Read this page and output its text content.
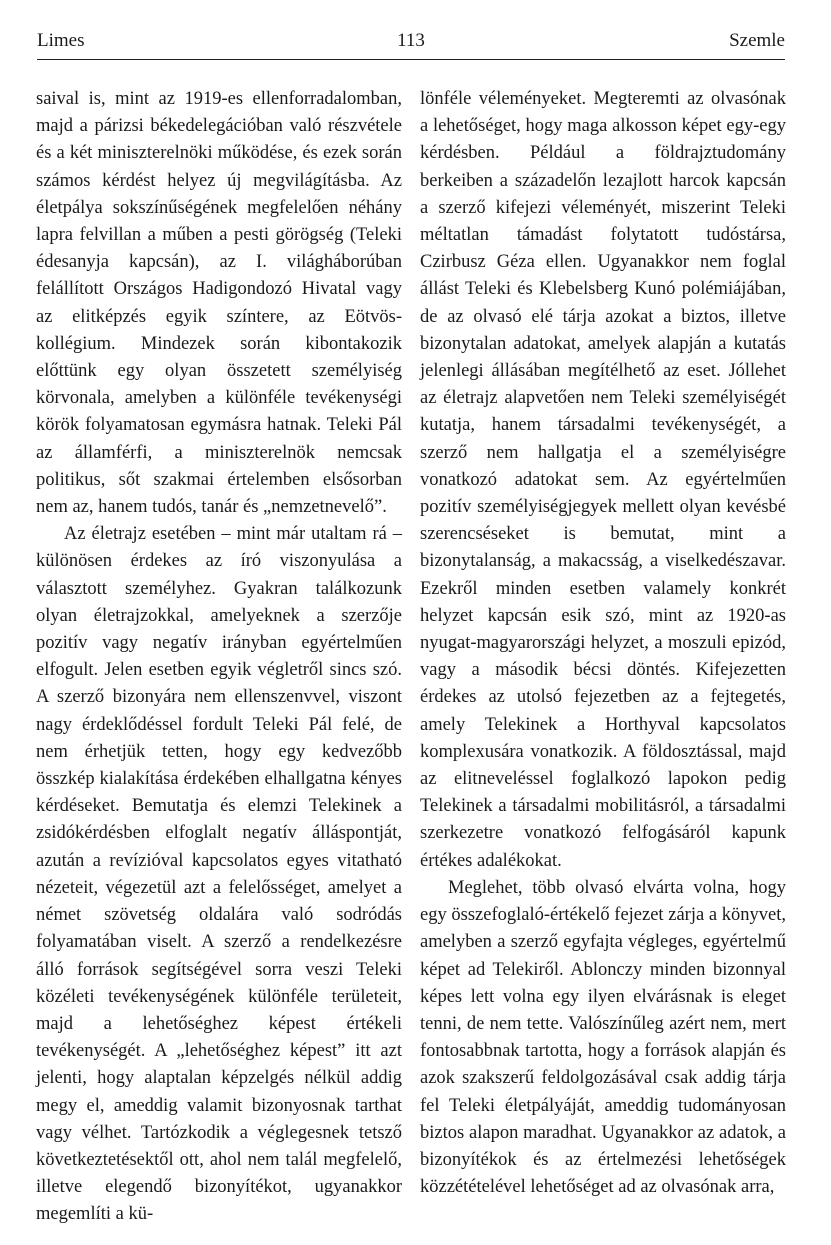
Limes	113	Szemle

saival is, mint az 1919-es ellenforradalomban, majd a párizsi békedelegációban való részvétele és a két miniszterelnöki működése, és ezek során számos kérdést helyez új megvilágításba. Az életpálya sokszínűségének megfelelően néhány lapra felvillan a műben a pesti görögség (Teleki édesanyja kapcsán), az I. világháborúban felállított Országos Hadigondozó Hivatal vagy az elitképzés egyik színtere, az Eötvös-kollégium. Mindezek során kibontakozik előttünk egy olyan összetett személyiség körvonala, amelyben a különféle tevékenységi körök folyamatosan egymásra hatnak. Teleki Pál az államférfi, a miniszterelnök nemcsak politikus, sőt szakmai értelemben elsősorban nem az, hanem tudós, tanár és „nemzetnevelő”.

Az életrajz esetében – mint már utaltam rá – különösen érdekes az író viszonyulása a választott személyhez. Gyakran találkozunk olyan életrajzokkal, amelyeknek a szerzője pozitív vagy negatív irányban egyértelműen elfogult. Jelen esetben egyik végletről sincs szó. A szerző bizonyára nem ellenszenvvel, viszont nagy érdeklődéssel fordult Teleki Pál felé, de nem érhetjük tetten, hogy egy kedvezőbb összkép kialakítása érdekében elhallgatna kényes kérdéseket. Bemutatja és elemzi Telekinek a zsidókérdésben elfoglalt negatív álláspontját, azután a revízióval kapcsolatos egyes vitatható nézeteit, végezetül azt a felelősséget, amelyet a német szövetség oldalára való sodródás folyamatában viselt. A szerző a rendelkezésre álló források segítségével sorra veszi Teleki közéleti tevékenységének különféle területeit, majd a lehetőséghez képest értékeli tevékenységét. A „lehetőséghez képest” itt azt jelenti, hogy alaptalan képzelgés nélkül addig megy el, ameddig valamit bizonyosnak tarthat vagy vélhet. Tartózkodik a véglegesnek tetsző következtetésektől ott, ahol nem talál megfelelő, illetve elegendő bizonyítékot, ugyanakkor megemlíti a kü-

lönféle véleményeket. Megteremti az olvasónak a lehetőséget, hogy maga alkosson képet egy-egy kérdésben. Például a földrajztudomány berkeiben a századelőn lezajlott harcok kapcsán a szerző kifejezi véleményét, miszerint Teleki méltatlan támadást folytatott tudóstársa, Czirbusz Géza ellen. Ugyanakkor nem foglal állást Teleki és Klebelsberg Kunó polémiájában, de az olvasó elé tárja azokat a biztos, illetve bizonytalan adatokat, amelyek alapján a kutatás jelenlegi állásában megítélhető az eset. Jóllehet az életrajz alapvetően nem Teleki személyiségét kutatja, hanem társadalmi tevékenységét, a szerző nem hallgatja el a személyiségre vonatkozó adatokat sem. Az egyértelműen pozitív személyiségjegyek mellett olyan kevésbé szerencséseket is bemutat, mint a bizonytalanság, a makacsság, a viselkedészavar. Ezekről minden esetben valamely konkrét helyzet kapcsán esik szó, mint az 1920-as nyugat-magyarországi helyzet, a moszuli epizód, vagy a második bécsi döntés. Kifejezetten érdekes az utolsó fejezetben az a fejtegetés, amely Telekinek a Horthyval kapcsolatos komplexusára vonatkozik. A földosztással, majd az elitneveléssel foglalkozó lapokon pedig Telekinek a társadalmi mobilitásról, a társadalmi szerkezetre vonatkozó felfogásáról kapunk értékes adalékokat.

Meglehet, több olvasó elvárta volna, hogy egy összefoglaló-értékelő fejezet zárja a könyvet, amelyben a szerző egyfajta végleges, egyértelmű képet ad Telekiről. Ablonczy minden bizonnyal képes lett volna egy ilyen elvárásnak is eleget tenni, de nem tette. Valószínűleg azért nem, mert fontosabbnak tartotta, hogy a források alapján és azok szakszerű feldolgozásával csak addig tárja fel Teleki életpályáját, ameddig tudományosan biztos alapon maradhat. Ugyanakkor az adatok, a bizonyítékok és az értelmezési lehetőségek közzétételével lehetőséget ad az olvasónak arra,
